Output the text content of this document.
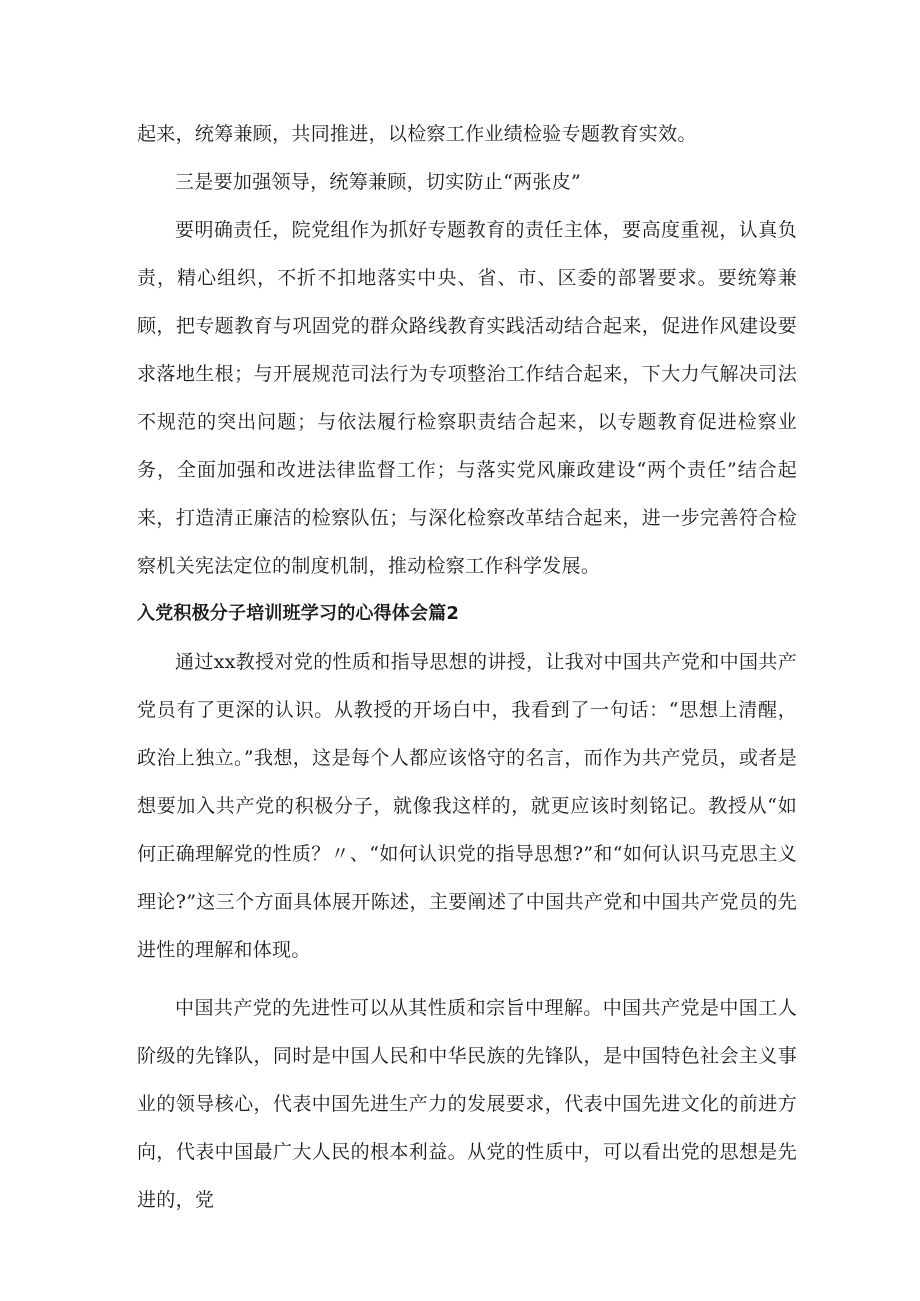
起来，统筹兼顾，共同推进，以检察工作业绩检验专题教育实效。

三是要加强领导，统筹兼顾，切实防止“两张皮”

要明确责任，院党组作为抓好专题教育的责任主体，要高度重视，认真负责，精心组织，不折不扣地落实中央、省、市、区委的部署要求。要统筹兼顾，把专题教育与巩固党的群众路线教育实践活动结合起来，促进作风建设要求落地生根；与开展规范司法行为专项整治工作结合起来，下大力气解决司法不规范的突出问题；与依法履行检察职责结合起来，以专题教育促进检察业务，全面加强和改进法律监督工作；与落实党风廉政建设“两个责任”结合起来，打造清正廉洁的检察队伍；与深化检察改革结合起来，进一步完善符合检察机关宪法定位的制度机制，推动检察工作科学发展。

入党积极分子培训班学习的心得体会篇2

通过xx教授对党的性质和指导思想的讲授，让我对中国共产党和中国共产党员有了更深的认识。从教授的开场白中，我看到了一句话：“思想上清醒，政治上独立。”我想，这是每个人都应该恪守的名言，而作为共产党员，或者是想要加入共产党的积极分子，就像我这样的，就更应该时刻铭记。教授从“如何正确理解党的性质？〃、“如何认识党的指导思想?”和“如何认识马克思主义理论?”这三个方面具体展开陈述，主要阐述了中国共产党和中国共产党员的先进性的理解和体现。

中国共产党的先进性可以从其性质和宗旨中理解。中国共产党是中国工人阶级的先锋队，同时是中国人民和中华民族的先锋队，是中国特色社会主义事业的领导核心，代表中国先进生产力的发展要求，代表中国先进文化的前进方向，代表中国最广大人民的根本利益。从党的性质中，可以看出党的思想是先进的，党
